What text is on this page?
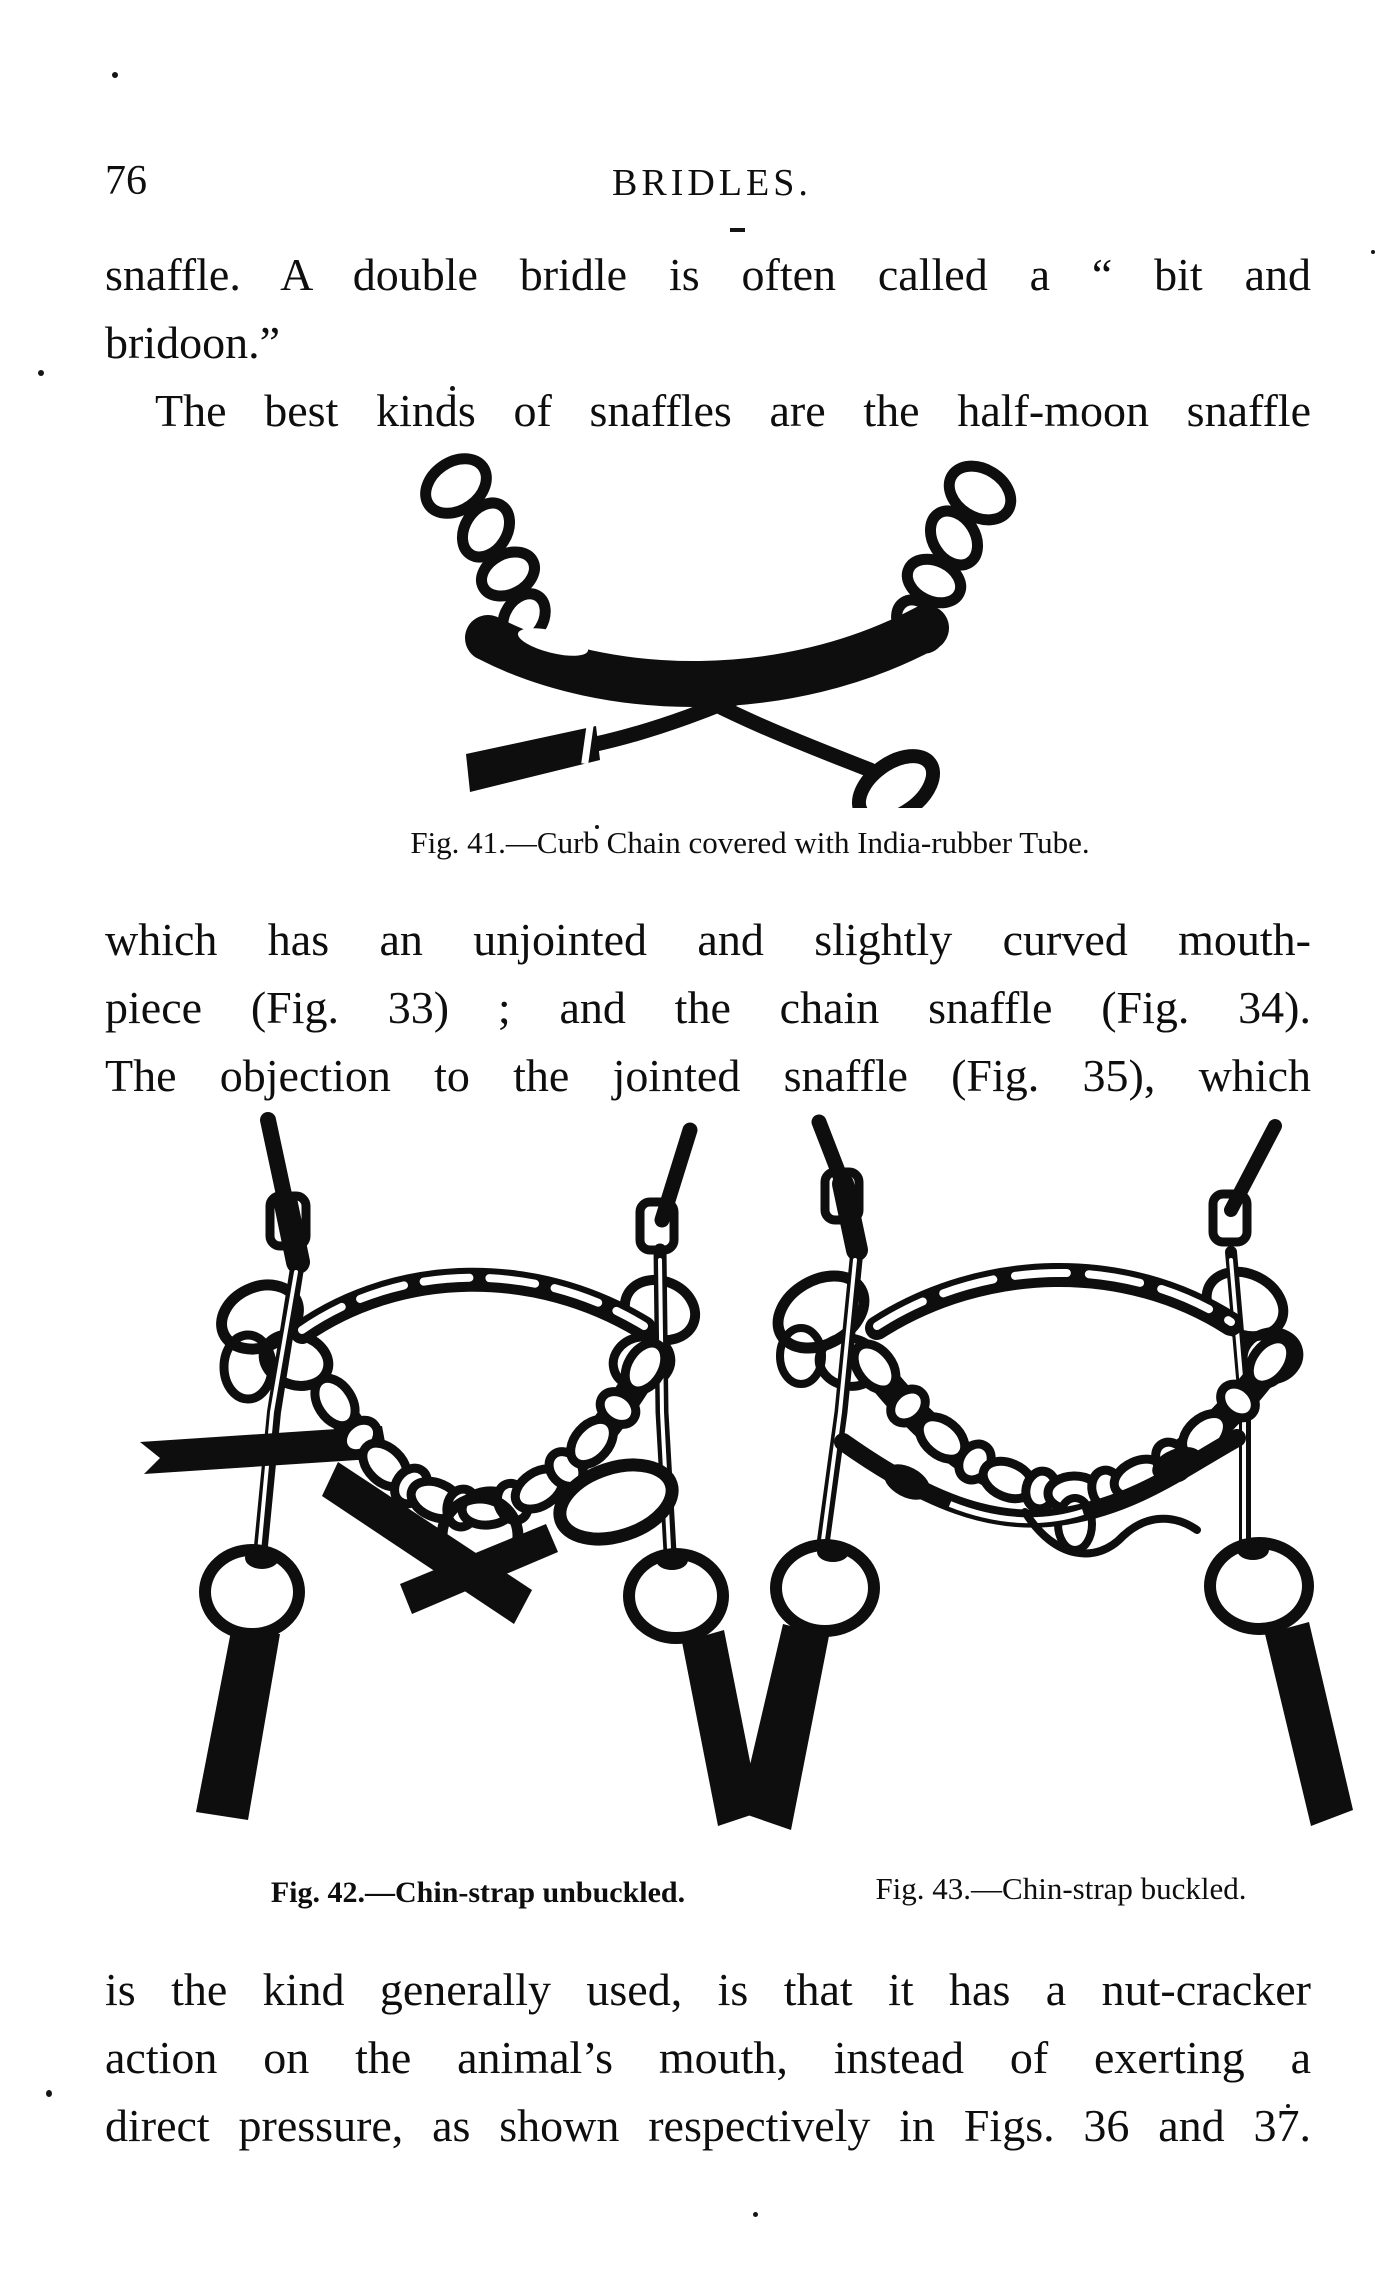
76	BRIDLES.
snaffle. A double bridle is often called a “ bit and
bridoon.”
The best kinds of snaffles are the half-moon snaffle
Fig. 41.—Curb Chain covered with India-rubber Tube.
which has an unjointed and slightly curved mouth-
piece (Fig. 33) ; and the chain snaffle (Fig. 34).
The objection to the jointed snaffle (Fig. 35), which
Fig. 42.—Chin-strap unbuckled.	Fig. 43.—Chin-strap buckled.
is the kind generally used, is that it has a nut-cracker
action on the animal’s mouth, instead of exerting a
direct pressure, as shown respectively in Figs. 36 and 37.
